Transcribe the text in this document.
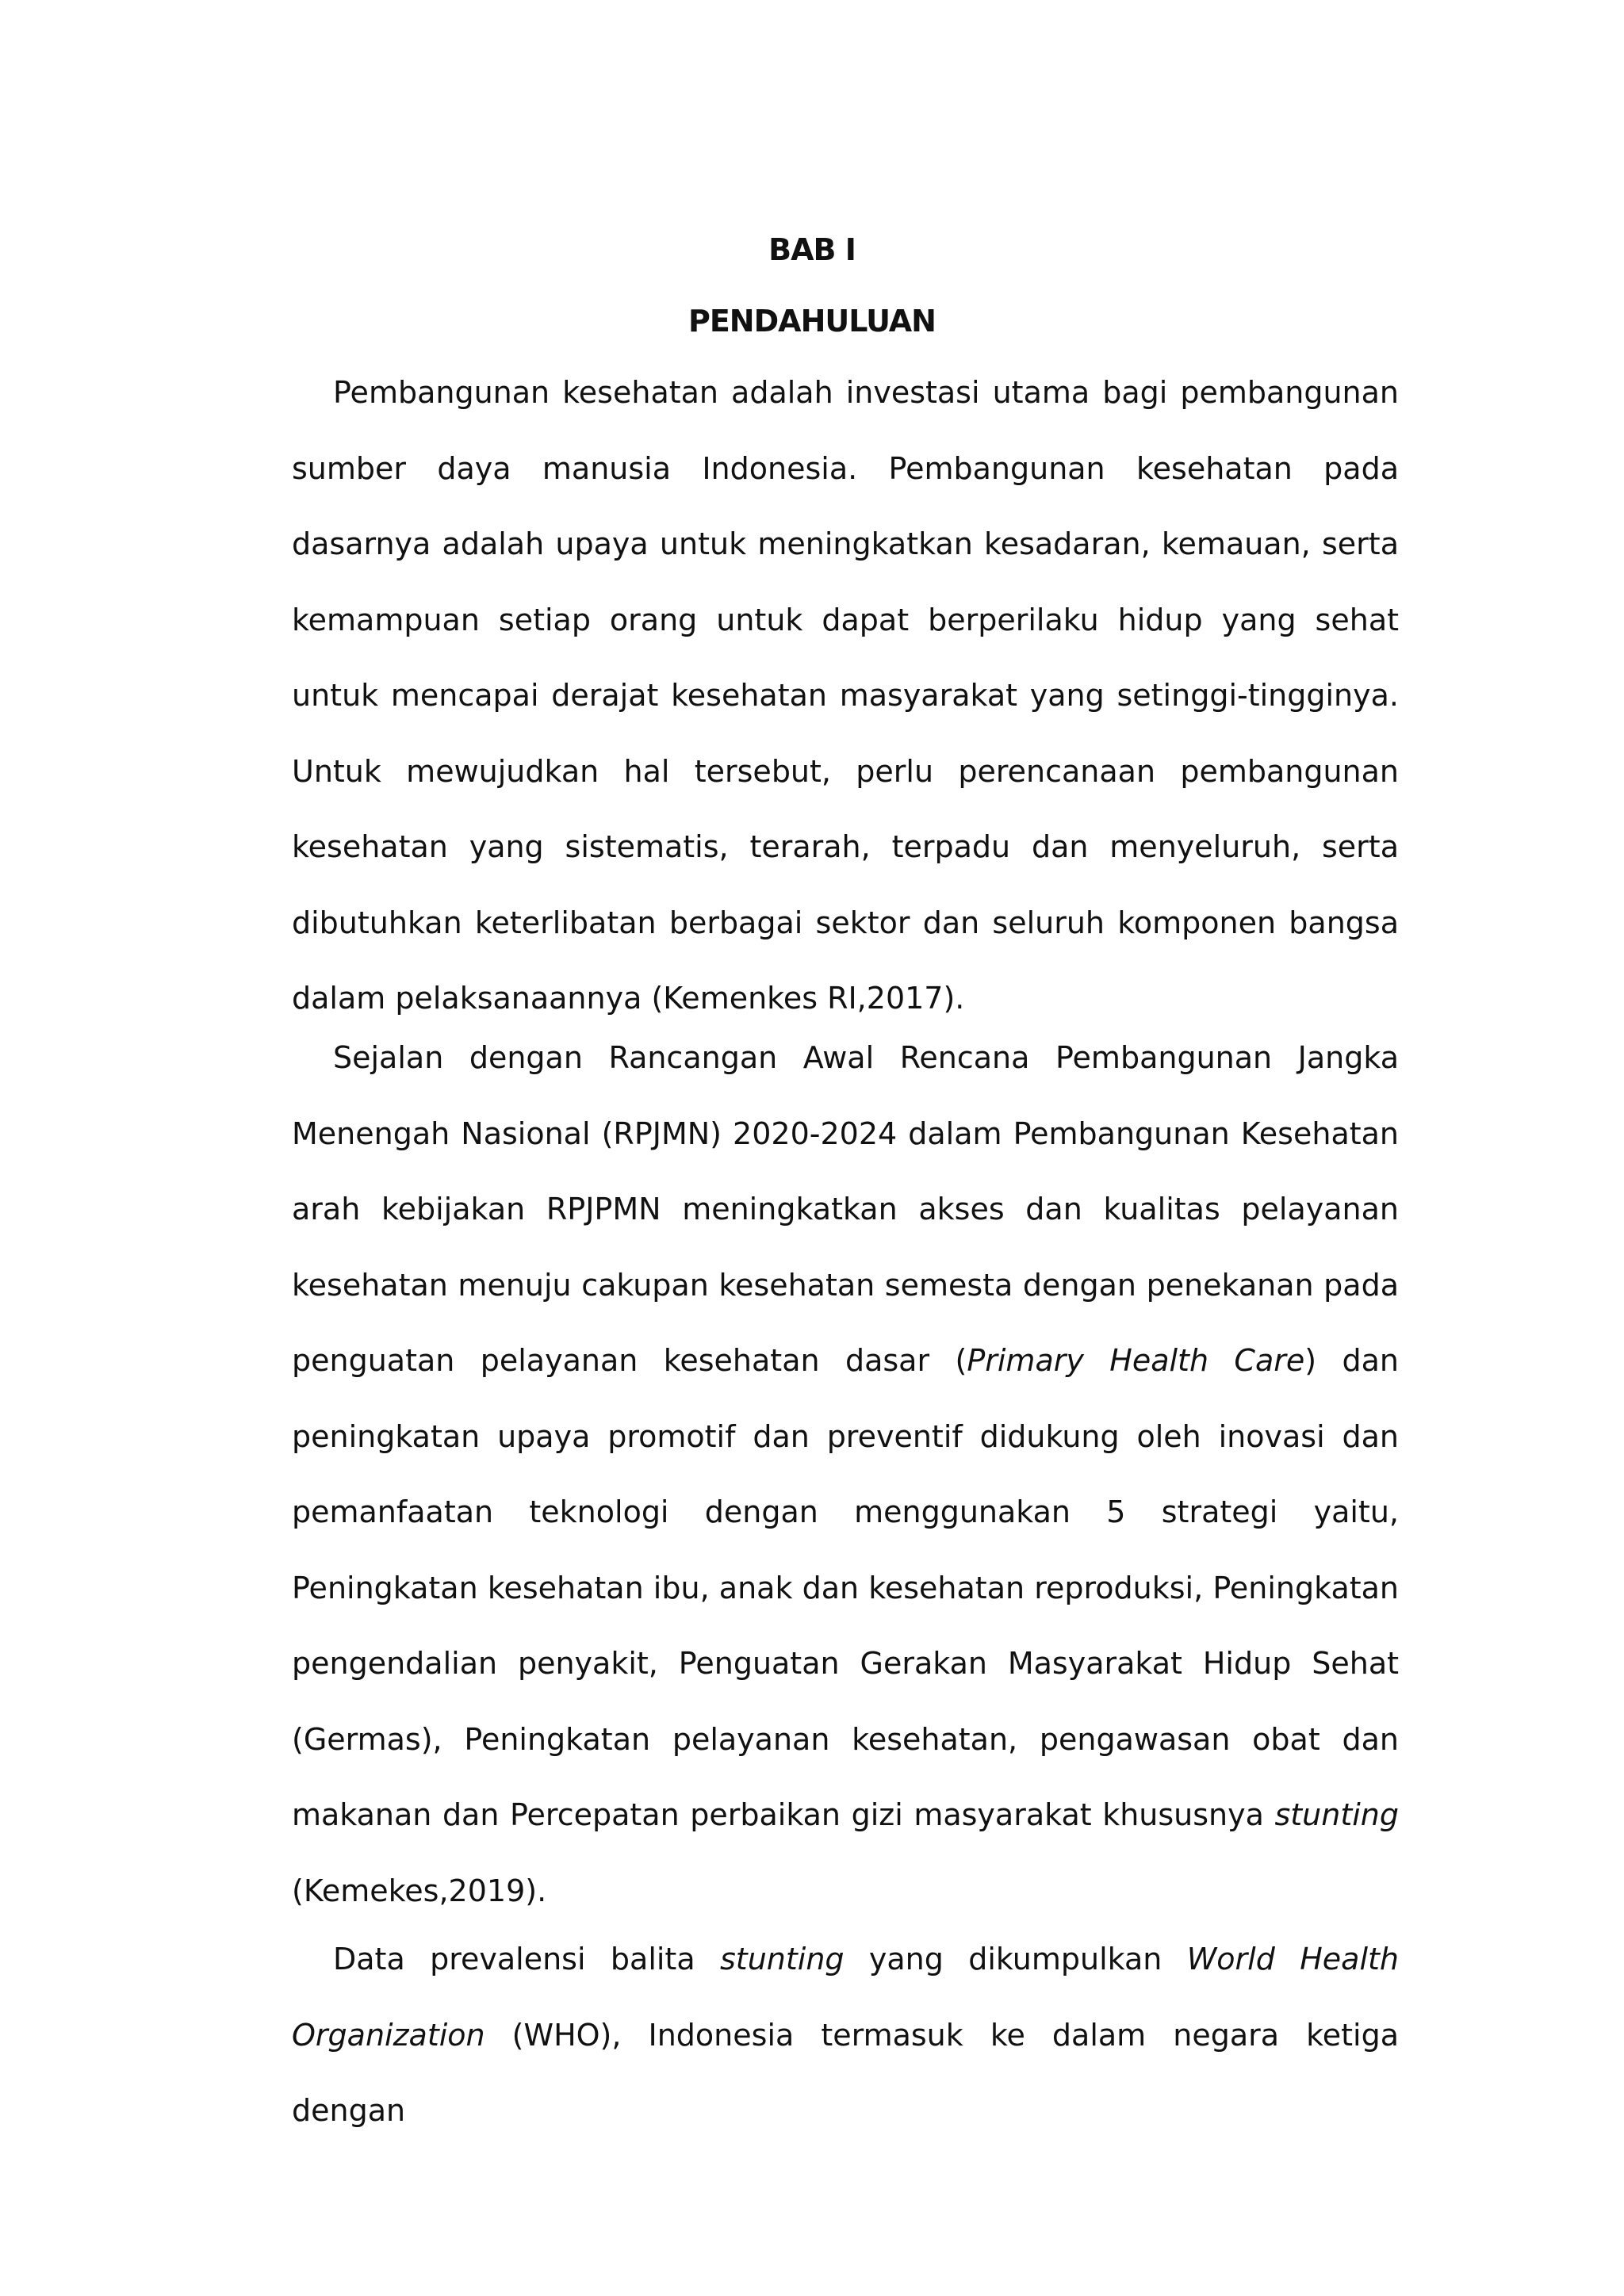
BAB I
PENDAHULUAN

Pembangunan kesehatan adalah investasi utama bagi pembangunan sumber daya manusia Indonesia. Pembangunan kesehatan pada dasarnya adalah upaya untuk meningkatkan kesadaran, kemauan, serta kemampuan setiap orang untuk dapat berperilaku hidup yang sehat untuk mencapai derajat kesehatan masyarakat yang setinggi-tingginya. Untuk mewujudkan hal tersebut, perlu perencanaan pembangunan kesehatan yang sistematis, terarah, terpadu dan menyeluruh, serta dibutuhkan keterlibatan berbagai sektor dan seluruh komponen bangsa dalam pelaksanaannya (Kemenkes RI,2017).

Sejalan dengan Rancangan Awal Rencana Pembangunan Jangka Menengah Nasional (RPJMN) 2020-2024 dalam Pembangunan Kesehatan arah kebijakan RPJPMN meningkatkan akses dan kualitas pelayanan kesehatan menuju cakupan kesehatan semesta dengan penekanan pada penguatan pelayanan kesehatan dasar (Primary Health Care) dan peningkatan upaya promotif dan preventif didukung oleh inovasi dan pemanfaatan teknologi dengan menggunakan 5 strategi yaitu, Peningkatan kesehatan ibu, anak dan kesehatan reproduksi, Peningkatan pengendalian penyakit, Penguatan Gerakan Masyarakat Hidup Sehat (Germas), Peningkatan pelayanan kesehatan, pengawasan obat dan makanan dan Percepatan perbaikan gizi masyarakat khususnya stunting (Kemekes,2019).

Data prevalensi balita stunting yang dikumpulkan World Health Organization (WHO), Indonesia termasuk ke dalam negara ketiga dengan
